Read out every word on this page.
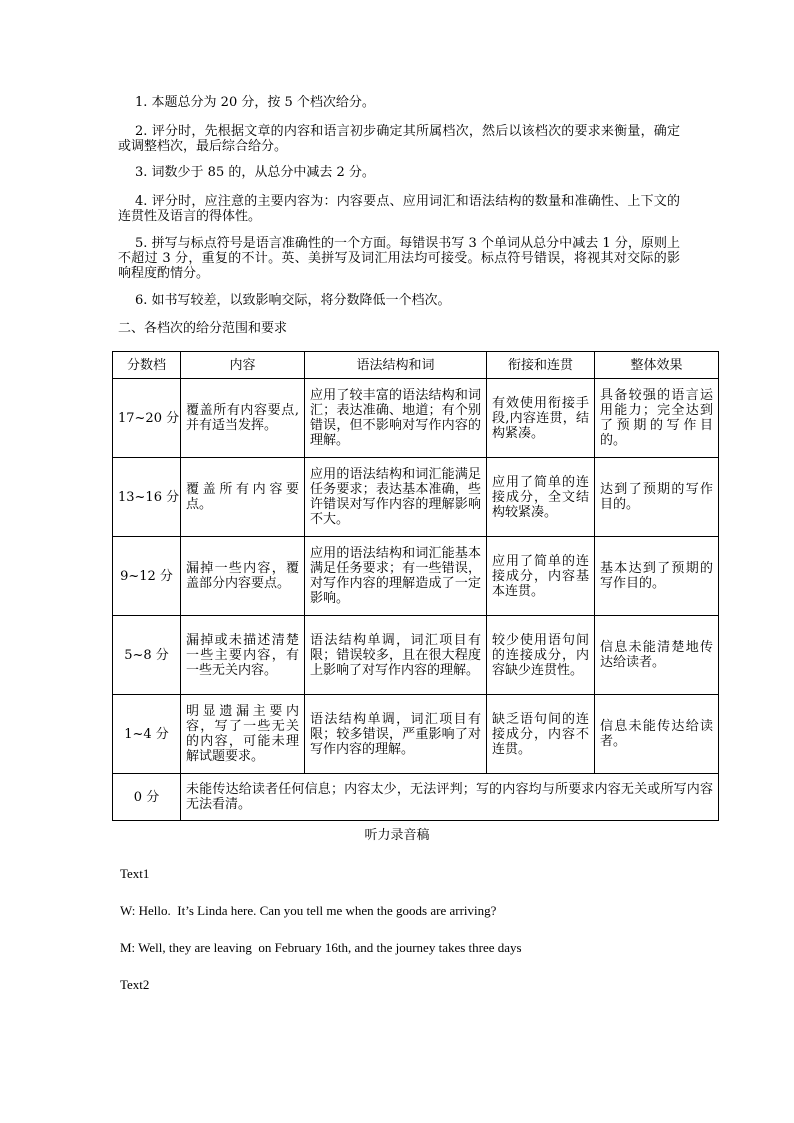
1. 本题总分为 20 分，按 5 个档次给分。
2. 评分时，先根据文章的内容和语言初步确定其所属档次，然后以该档次的要求来衡量，确定或调整档次，最后综合给分。
3. 词数少于 85 的，从总分中减去 2 分。
4. 评分时，应注意的主要内容为：内容要点、应用词汇和语法结构的数量和准确性、上下文的连贯性及语言的得体性。
5. 拼写与标点符号是语言准确性的一个方面。每错误书写 3 个单词从总分中减去 1 分，原则上不超过 3 分，重复的不计。英、美拼写及词汇用法均可接受。标点符号错误，将视其对交际的影响程度酌情分。
6. 如书写较差，以致影响交际，将分数降低一个档次。
二、各档次的给分范围和要求
分数档	内容	语法结构和词	衔接和连贯	整体效果
17~20 分	覆盖所有内容要点,并有适当发挥。	应用了较丰富的语法结构和词汇；表达准确、地道；有个别错误，但不影响对写作内容的理解。	有效使用衔接手段,内容连贯，结构紧凑。	具备较强的语言运用能力；完全达到了预期的写作目的。
13~16 分	覆盖所有内容要点。	应用的语法结构和词汇能满足任务要求；表达基本准确，些许错误对写作内容的理解影响不大。	应用了简单的连接成分，全文结构较紧凑。	达到了预期的写作目的。
9~12 分	漏掉一些内容，覆盖部分内容要点。	应用的语法结构和词汇能基本满足任务要求；有一些错误，对写作内容的理解造成了一定影响。	应用了简单的连接成分，内容基本连贯。	基本达到了预期的写作目的。
5~8 分	漏掉或未描述清楚一些主要内容，有一些无关内容。	语法结构单调，词汇项目有限；错误较多，且在很大程度上影响了对写作内容的理解。	较少使用语句间的连接成分，内容缺少连贯性。	信息未能清楚地传达给读者。
1~4 分	明显遗漏主要内容，写了一些无关的内容，可能未理解试题要求。	语法结构单调，词汇项目有限；较多错误，严重影响了对写作内容的理解。	缺乏语句间的连接成分，内容不连贯。	信息未能传达给读者。
0 分	未能传达给读者任何信息；内容太少，无法评判；写的内容均与所要求内容无关或所写内容无法看清。			
听力录音稿
Text1
W: Hello.  It’s Linda here. Can you tell me when the goods are arriving?
M: Well, they are leaving  on February 16th, and the journey takes three days
Text2
